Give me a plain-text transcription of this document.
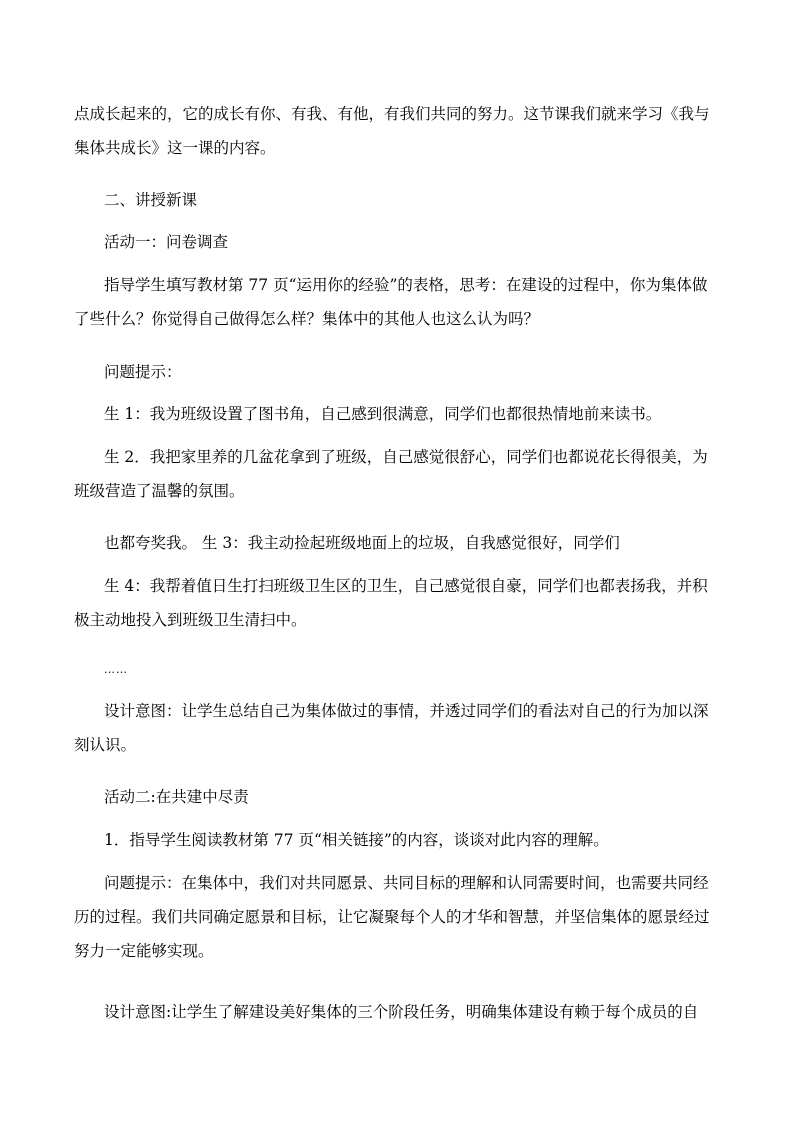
点成长起来的，它的成长有你、有我、有他，有我们共同的努力。这节课我们就来学习《我与
集体共成长》这一课的内容。

二、讲授新课

活动一：问卷调查

指导学生填写教材第 77 页“运用你的经验”的表格，思考：在建设的过程中，你为集体做
了些什么？你觉得自己做得怎么样？集体中的其他人也这么认为吗？

问题提示：

生 1：我为班级设置了图书角，自己感到很满意，同学们也都很热情地前来读书。

生 2．我把家里养的几盆花拿到了班级，自己感觉很舒心，同学们也都说花长得很美，为
班级营造了温馨的氛围。

也都夸奖我。 生 3：我主动捡起班级地面上的垃圾，自我感觉很好，同学们

生 4：我帮着值日生打扫班级卫生区的卫生，自己感觉很自豪，同学们也都表扬我，并积
极主动地投入到班级卫生清扫中。

……

设计意图：让学生总结自己为集体做过的事情，并透过同学们的看法对自己的行为加以深
刻认识。

活动二:在共建中尽责

1．指导学生阅读教材第 77 页“相关链接”的内容，谈谈对此内容的理解。

问题提示：在集体中，我们对共同愿景、共同目标的理解和认同需要时间，也需要共同经
历的过程。我们共同确定愿景和目标，让它凝聚每个人的才华和智慧，并坚信集体的愿景经过
努力一定能够实现。

设计意图:让学生了解建设美好集体的三个阶段任务，明确集体建设有赖于每个成员的自
